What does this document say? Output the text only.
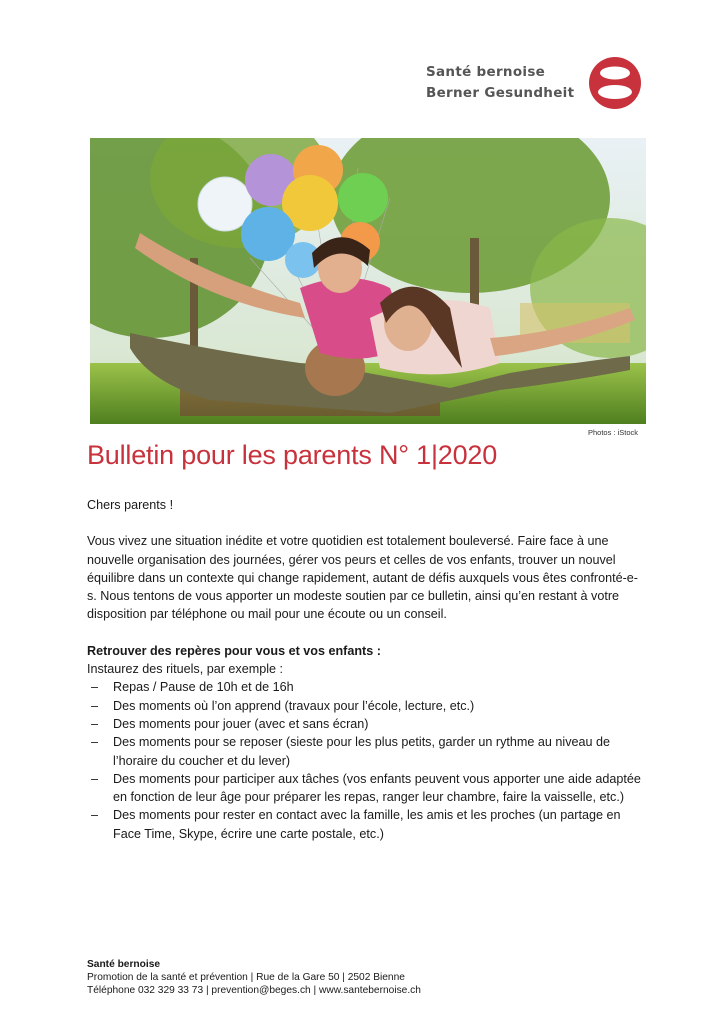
Santé bernoise
Berner Gesundheit
Photos : iStock
Bulletin pour les parents N° 1|2020

Chers parents !

Vous vivez une situation inédite et votre quotidien est totalement bouleversé. Faire face à une nouvelle organisation des journées, gérer vos peurs et celles de vos enfants, trouver un nouvel équilibre dans un contexte qui change rapidement, autant de défis auxquels vous êtes confronté-e-s. Nous tentons de vous apporter un modeste soutien par ce bulletin, ainsi qu’en restant à votre disposition par téléphone ou mail pour une écoute ou un conseil.

Retrouver des repères pour vous et vos enfants :

Instaurez des rituels, par exemple :

– Repas / Pause de 10h et de 16h
– Des moments où l’on apprend (travaux pour l’école, lecture, etc.)
– Des moments pour jouer (avec et sans écran)
– Des moments pour se reposer (sieste pour les plus petits, garder un rythme au niveau de l’horaire du coucher et du lever)
– Des moments pour participer aux tâches (vos enfants peuvent vous apporter une aide adaptée en fonction de leur âge pour préparer les repas, ranger leur chambre, faire la vaisselle, etc.)
– Des moments pour rester en contact avec la famille, les amis et les proches (un partage en Face Time, Skype, écrire une carte postale, etc.)
Santé bernoise
Promotion de la santé et prévention | Rue de la Gare 50 | 2502 Bienne
Téléphone 032 329 33 73 | prevention@beges.ch | www.santebernoise.ch
